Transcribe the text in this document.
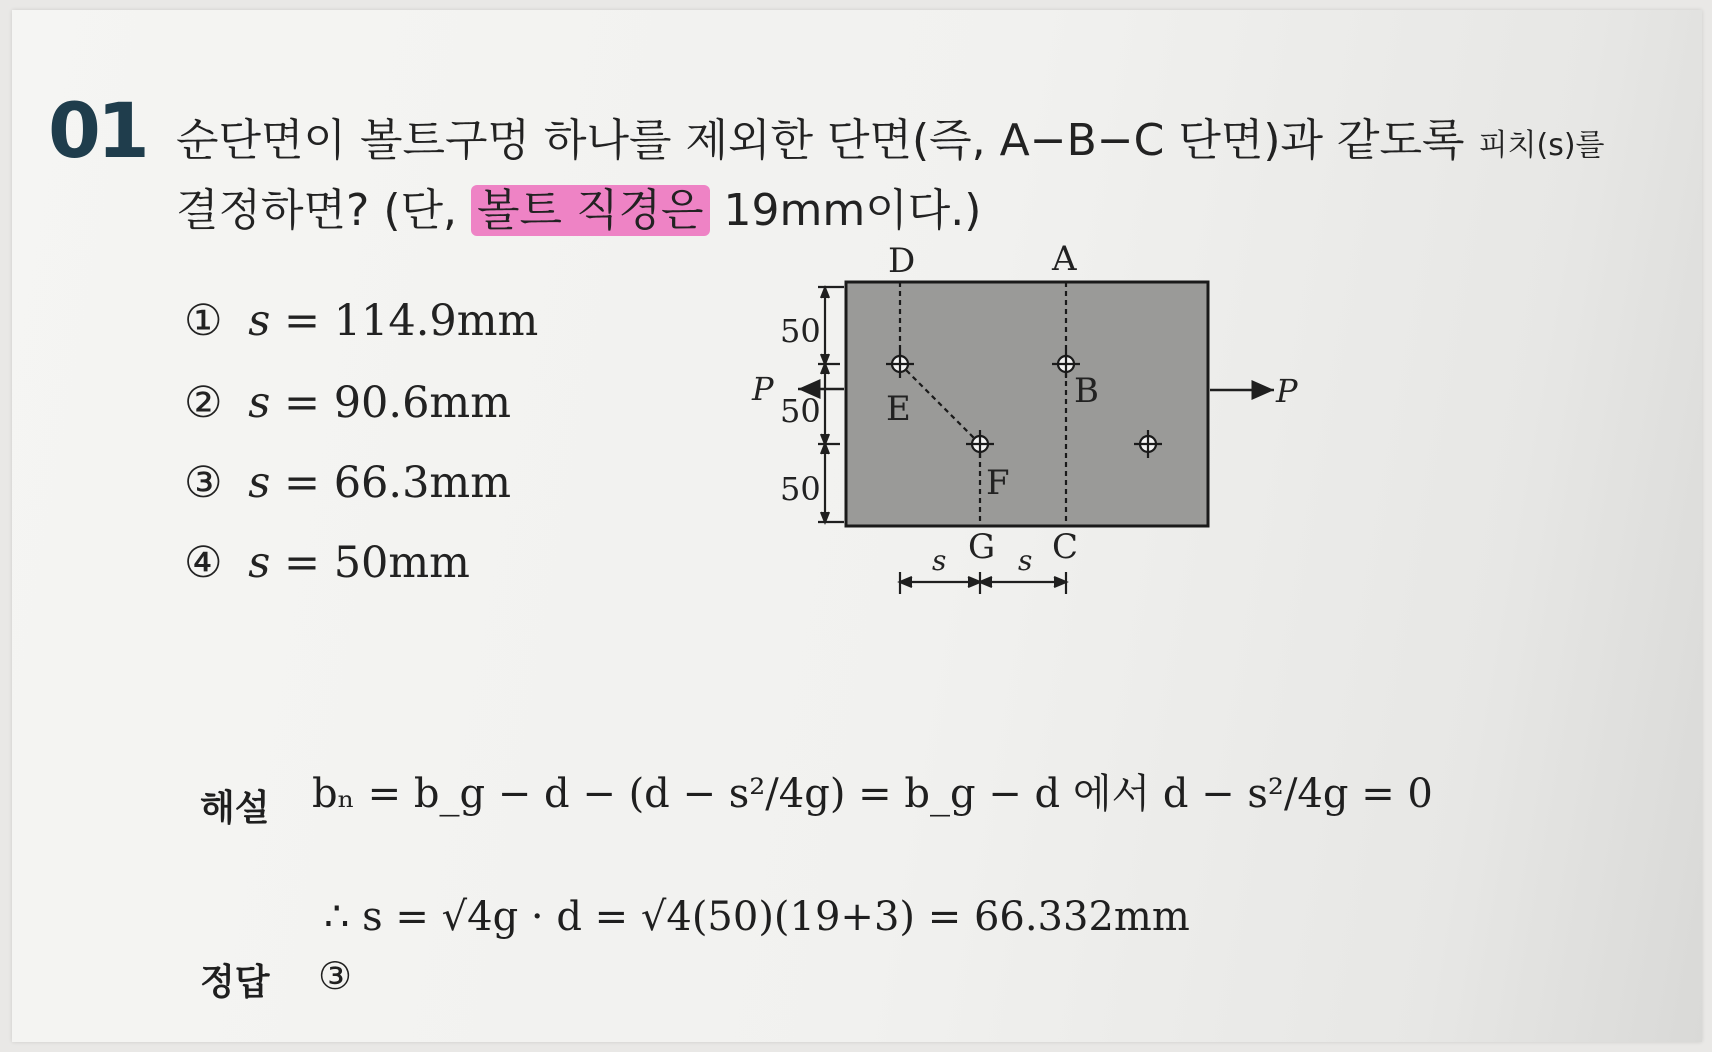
01 순단면이 볼트구멍 하나를 제외한 단면(즉, A−B−C 단면)과 같도록 피치(s)를
결정하면? (단, 볼트 직경은 19mm이다.)
① s = 114.9mm
② s = 90.6mm
③ s = 66.3mm
④ s = 50mm
50
50
50
P	P
D	A
B
E
F
G C
s	s
해설 bₙ = b_g − d − (d − s²/4g) = b_g − d 에서 d − s²/4g = 0
∴ s = √4g · d = √4(50)(19+3) = 66.332mm
정답 ③
